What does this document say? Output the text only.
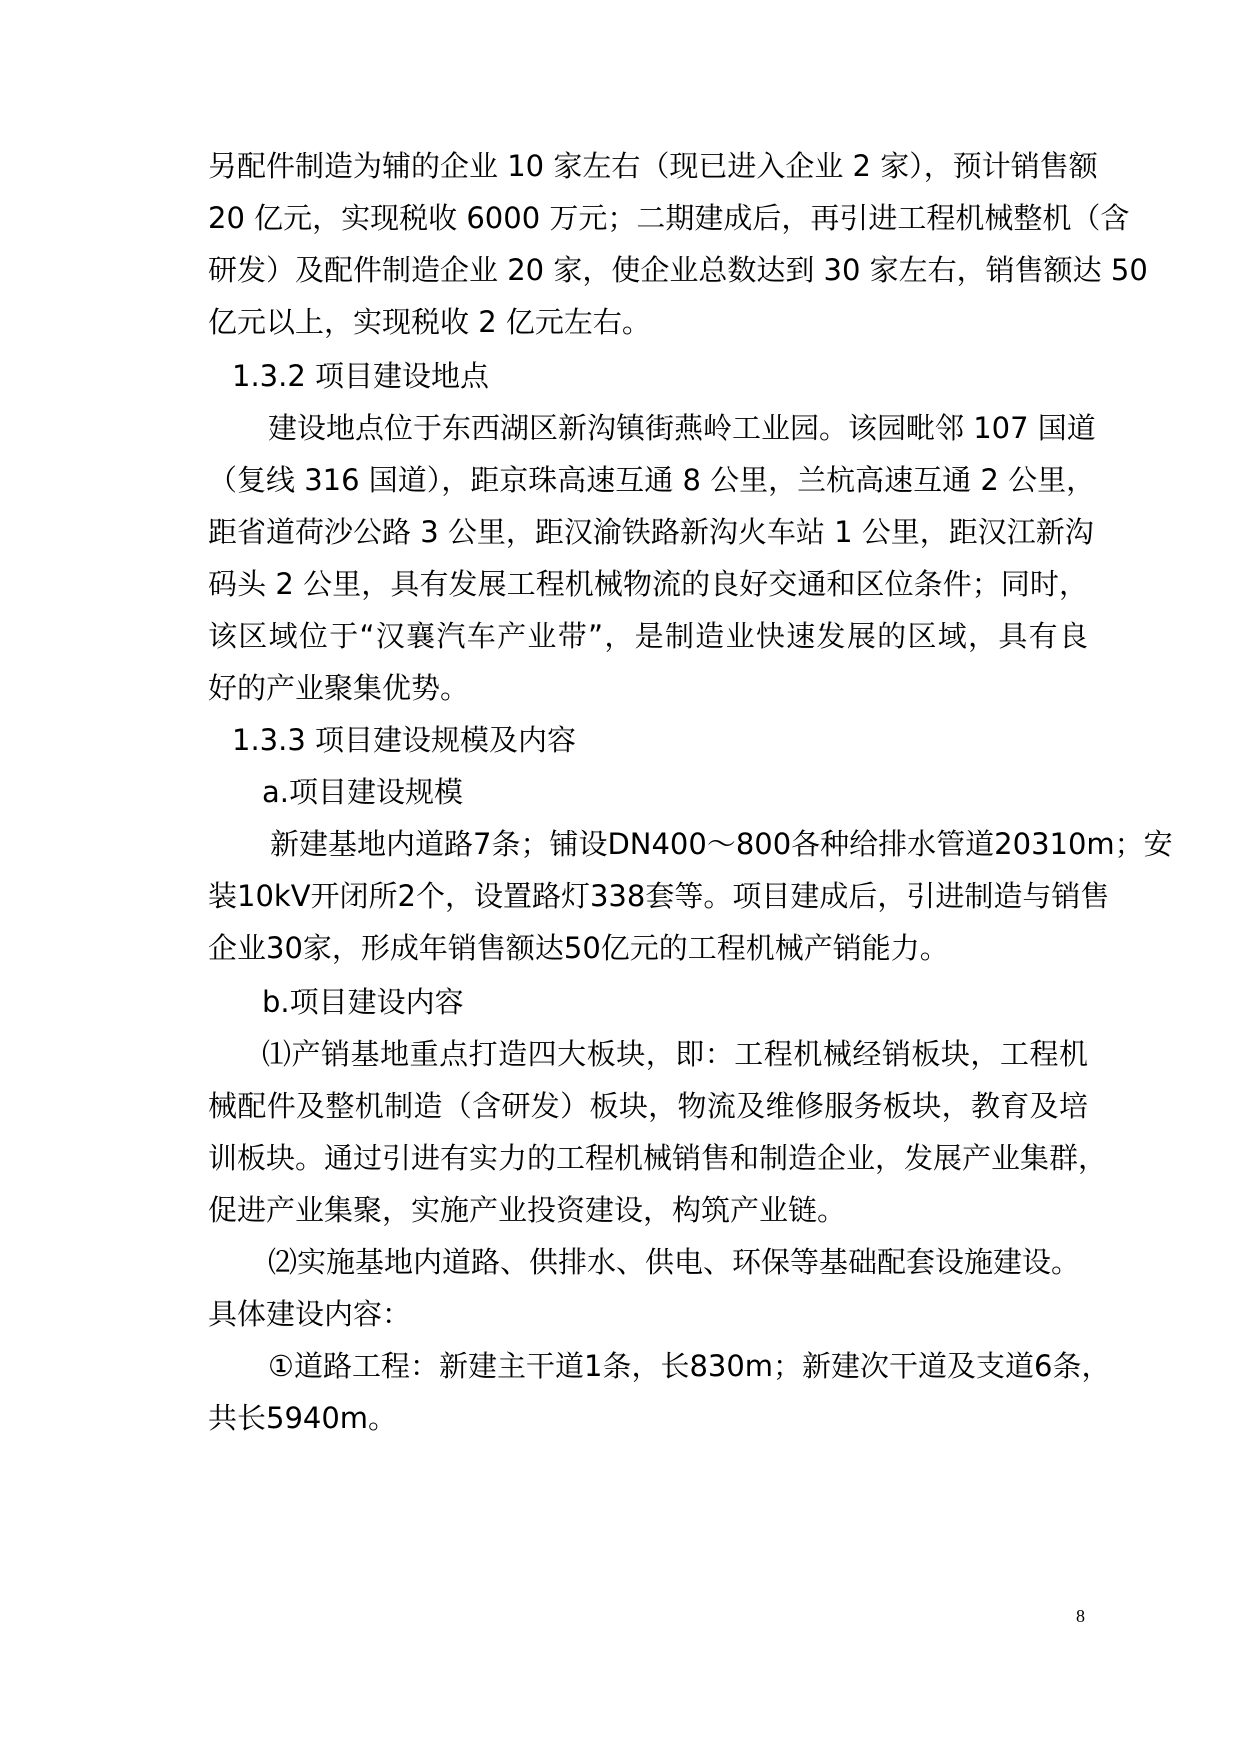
另配件制造为辅的企业 10 家左右（现已进入企业 2 家），预计销售额
20 亿元，实现税收 6000 万元；二期建成后，再引进工程机械整机（含
研发）及配件制造企业 20 家，使企业总数达到 30 家左右，销售额达 50
亿元以上，实现税收 2 亿元左右。
1.3.2 项目建设地点
建设地点位于东西湖区新沟镇街燕岭工业园。该园毗邻 107 国道
（复线 316 国道），距京珠高速互通 8 公里，兰杭高速互通 2 公里，
距省道荷沙公路 3 公里，距汉渝铁路新沟火车站 1 公里，距汉江新沟
码头 2 公里，具有发展工程机械物流的良好交通和区位条件；同时，
该区域位于“汉襄汽车产业带”，是制造业快速发展的区域，具有良
好的产业聚集优势。
1.3.3 项目建设规模及内容
a.项目建设规模
新建基地内道路7条；铺设DN400～800各种给排水管道20310m；安
装10kV开闭所2个，设置路灯338套等。项目建成后，引进制造与销售
企业30家，形成年销售额达50亿元的工程机械产销能力。
b.项目建设内容
⑴产销基地重点打造四大板块，即：工程机械经销板块，工程机
械配件及整机制造（含研发）板块，物流及维修服务板块，教育及培
训板块。通过引进有实力的工程机械销售和制造企业，发展产业集群，
促进产业集聚，实施产业投资建设，构筑产业链。
⑵实施基地内道路、供排水、供电、环保等基础配套设施建设。
具体建设内容：
①道路工程：新建主干道1条，长830m；新建次干道及支道6条，
共长5940m。
8
